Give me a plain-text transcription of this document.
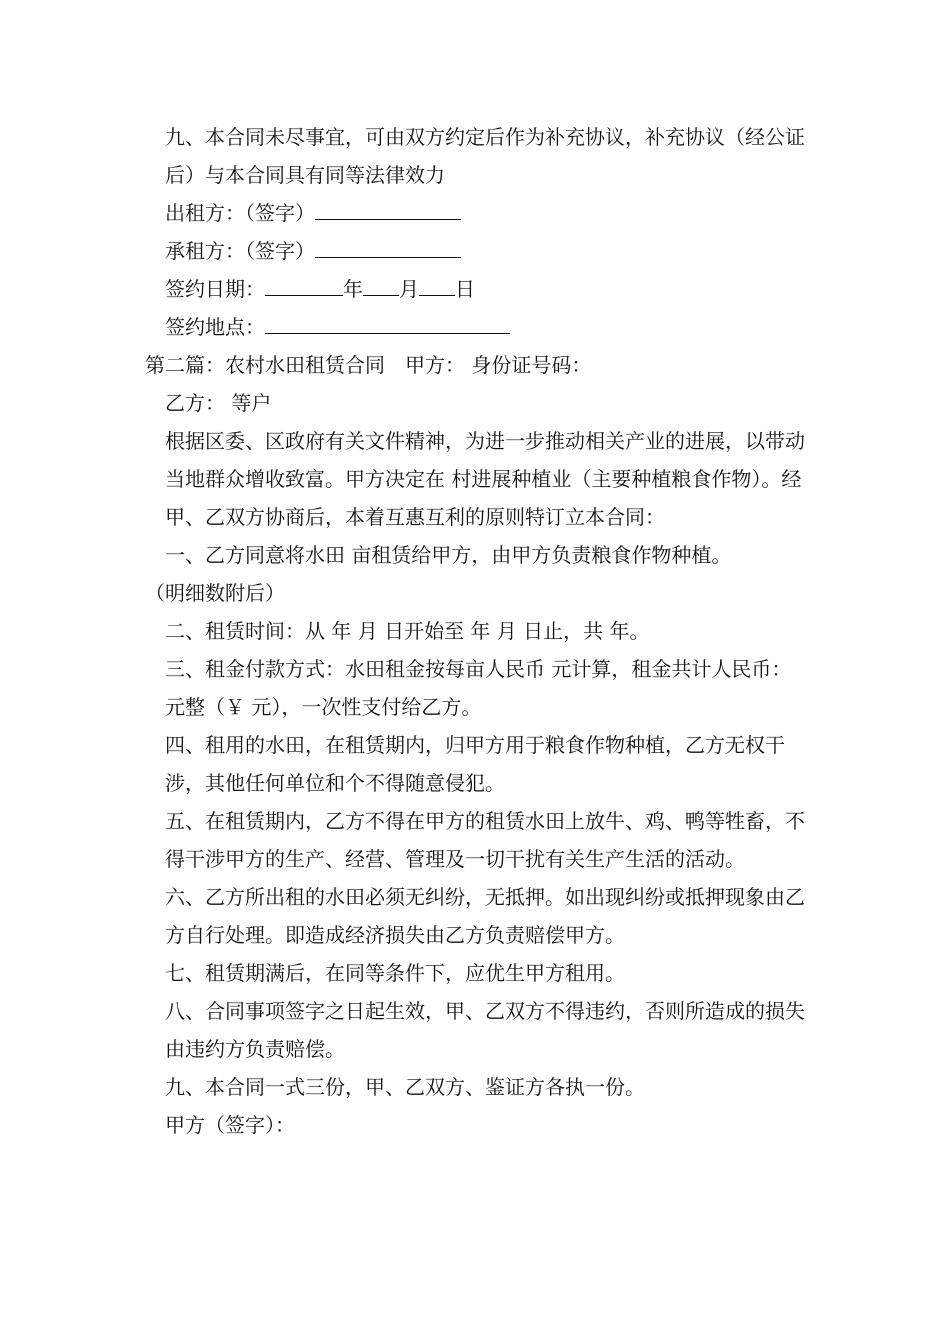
九、本合同未尽事宜，可由双方约定后作为补充协议，补充协议（经公证后）与本合同具有同等法律效力
出租方：（签字）
承租方：（签字）
签约日期：	年 月 日
签约地点：
第二篇：农村水田租赁合同　甲方： 身份证号码：
乙方： 等户
根据区委、区政府有关文件精神，为进一步推动相关产业的进展，以带动当地群众增收致富。甲方决定在 村进展种植业（主要种植粮食作物）。经甲、乙双方协商后，本着互惠互利的原则特订立本合同：
一、乙方同意将水田 亩租赁给甲方，由甲方负责粮食作物种植。
（明细数附后）
二、租赁时间：从 年 月 日开始至 年 月 日止，共 年。
三、租金付款方式：水田租金按每亩人民币 元计算，租金共计人民币： 元整（￥ 元），一次性支付给乙方。
四、租用的水田，在租赁期内，归甲方用于粮食作物种植，乙方无权干涉，其他任何单位和个不得随意侵犯。
五、在租赁期内，乙方不得在甲方的租赁水田上放牛、鸡、鸭等牲畜，不得干涉甲方的生产、经营、管理及一切干扰有关生产生活的活动。
六、乙方所出租的水田必须无纠纷，无抵押。如出现纠纷或抵押现象由乙方自行处理。即造成经济损失由乙方负责赔偿甲方。
七、租赁期满后，在同等条件下，应优生甲方租用。
八、合同事项签字之日起生效，甲、乙双方不得违约，否则所造成的损失由违约方负责赔偿。
九、本合同一式三份，甲、乙双方、鉴证方各执一份。
甲方（签字）：
